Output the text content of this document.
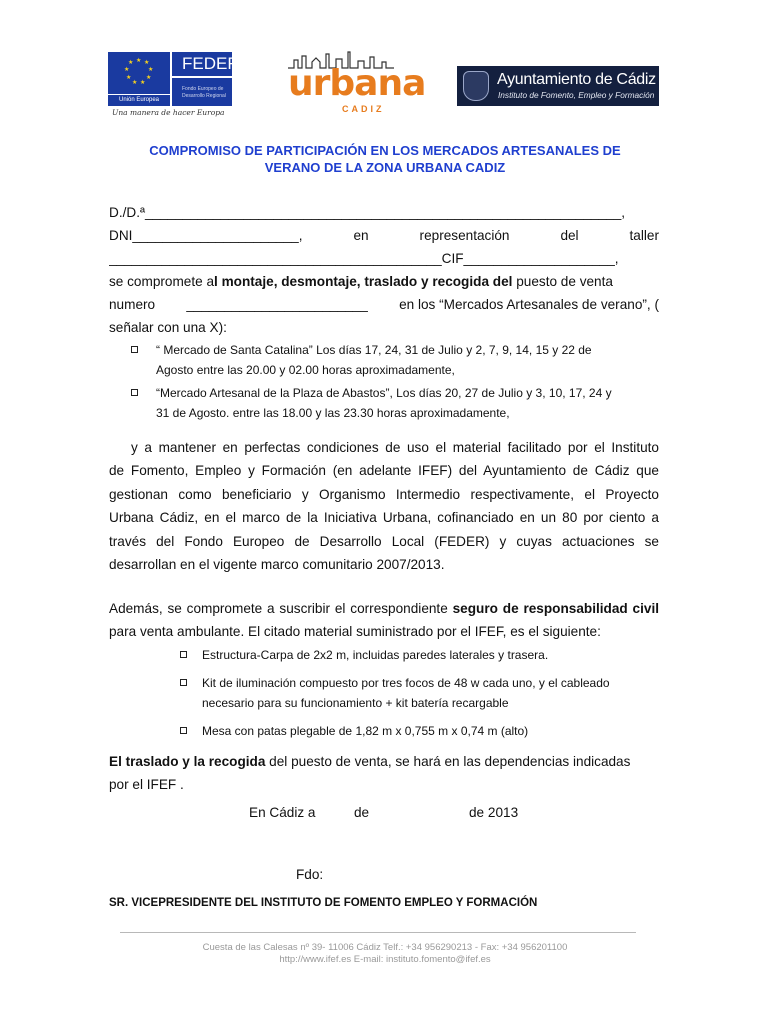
★ ★
★
★
★
★
★
★
★
Unión Europea
FEDER
Fondo Europeo de
Desarrollo Regional
Una manera de hacer Europa
urbana
CADIZ
Ayuntamiento de Cádiz
Instituto de Fomento, Empleo y Formación
COMPROMISO DE PARTICIPACIÓN EN LOS MERCADOS ARTESANALES DE
VERANO DE LA ZONA URBANA CADIZ
D./D.ª_______________________________________________________________,
DNI______________________,	en	representación	del	taller
____________________________________________CIF____________________,
se compromete al montaje, desmontaje, traslado y recogida del puesto de venta
numero ________________________ en los “Mercados Artesanales de verano”, (
señalar con una X):
“ Mercado de Santa Catalina” Los días 17, 24, 31 de Julio y 2, 7, 9, 14, 15 y 22 de
Agosto entre las 20.00 y 02.00 horas aproximadamente,
“Mercado Artesanal de la Plaza de Abastos”, Los días 20, 27 de Julio y 3, 10, 17, 24 y
31 de Agosto. entre las 18.00 y las 23.30 horas aproximadamente,
y a mantener en perfectas condiciones de uso el material facilitado por el Instituto
de Fomento, Empleo y Formación (en adelante IFEF) del Ayuntamiento de Cádiz que
gestionan como beneficiario y Organismo Intermedio respectivamente, el Proyecto
Urbana Cádiz, en el marco de la Iniciativa Urbana, cofinanciado en un 80 por ciento a
través del Fondo Europeo de Desarrollo Local (FEDER) y cuyas actuaciones se
desarrollan en el vigente marco comunitario 2007/2013.
Además, se compromete a suscribir el correspondiente seguro de responsabilidad civil para venta ambulante. El citado material suministrado por el IFEF, es el siguiente:
Estructura-Carpa de 2x2 m, incluidas paredes laterales y trasera.
Kit de iluminación compuesto por tres focos de 48 w cada uno, y el cableado
necesario para su funcionamiento + kit batería recargable
Mesa con patas plegable de 1,82 m x 0,755 m x 0,74 m (alto)
El traslado y la recogida del puesto de venta, se hará en las dependencias indicadas
por el IFEF .
En Cádiz a	de	de 2013
Fdo:
SR. VICEPRESIDENTE DEL INSTITUTO DE FOMENTO EMPLEO Y FORMACIÓN
Cuesta de las Calesas nº 39- 11006 Cádiz Telf.: +34 956290213 - Fax: +34 956201100
http://www.ifef.es E-mail: instituto.fomento@ifef.es
